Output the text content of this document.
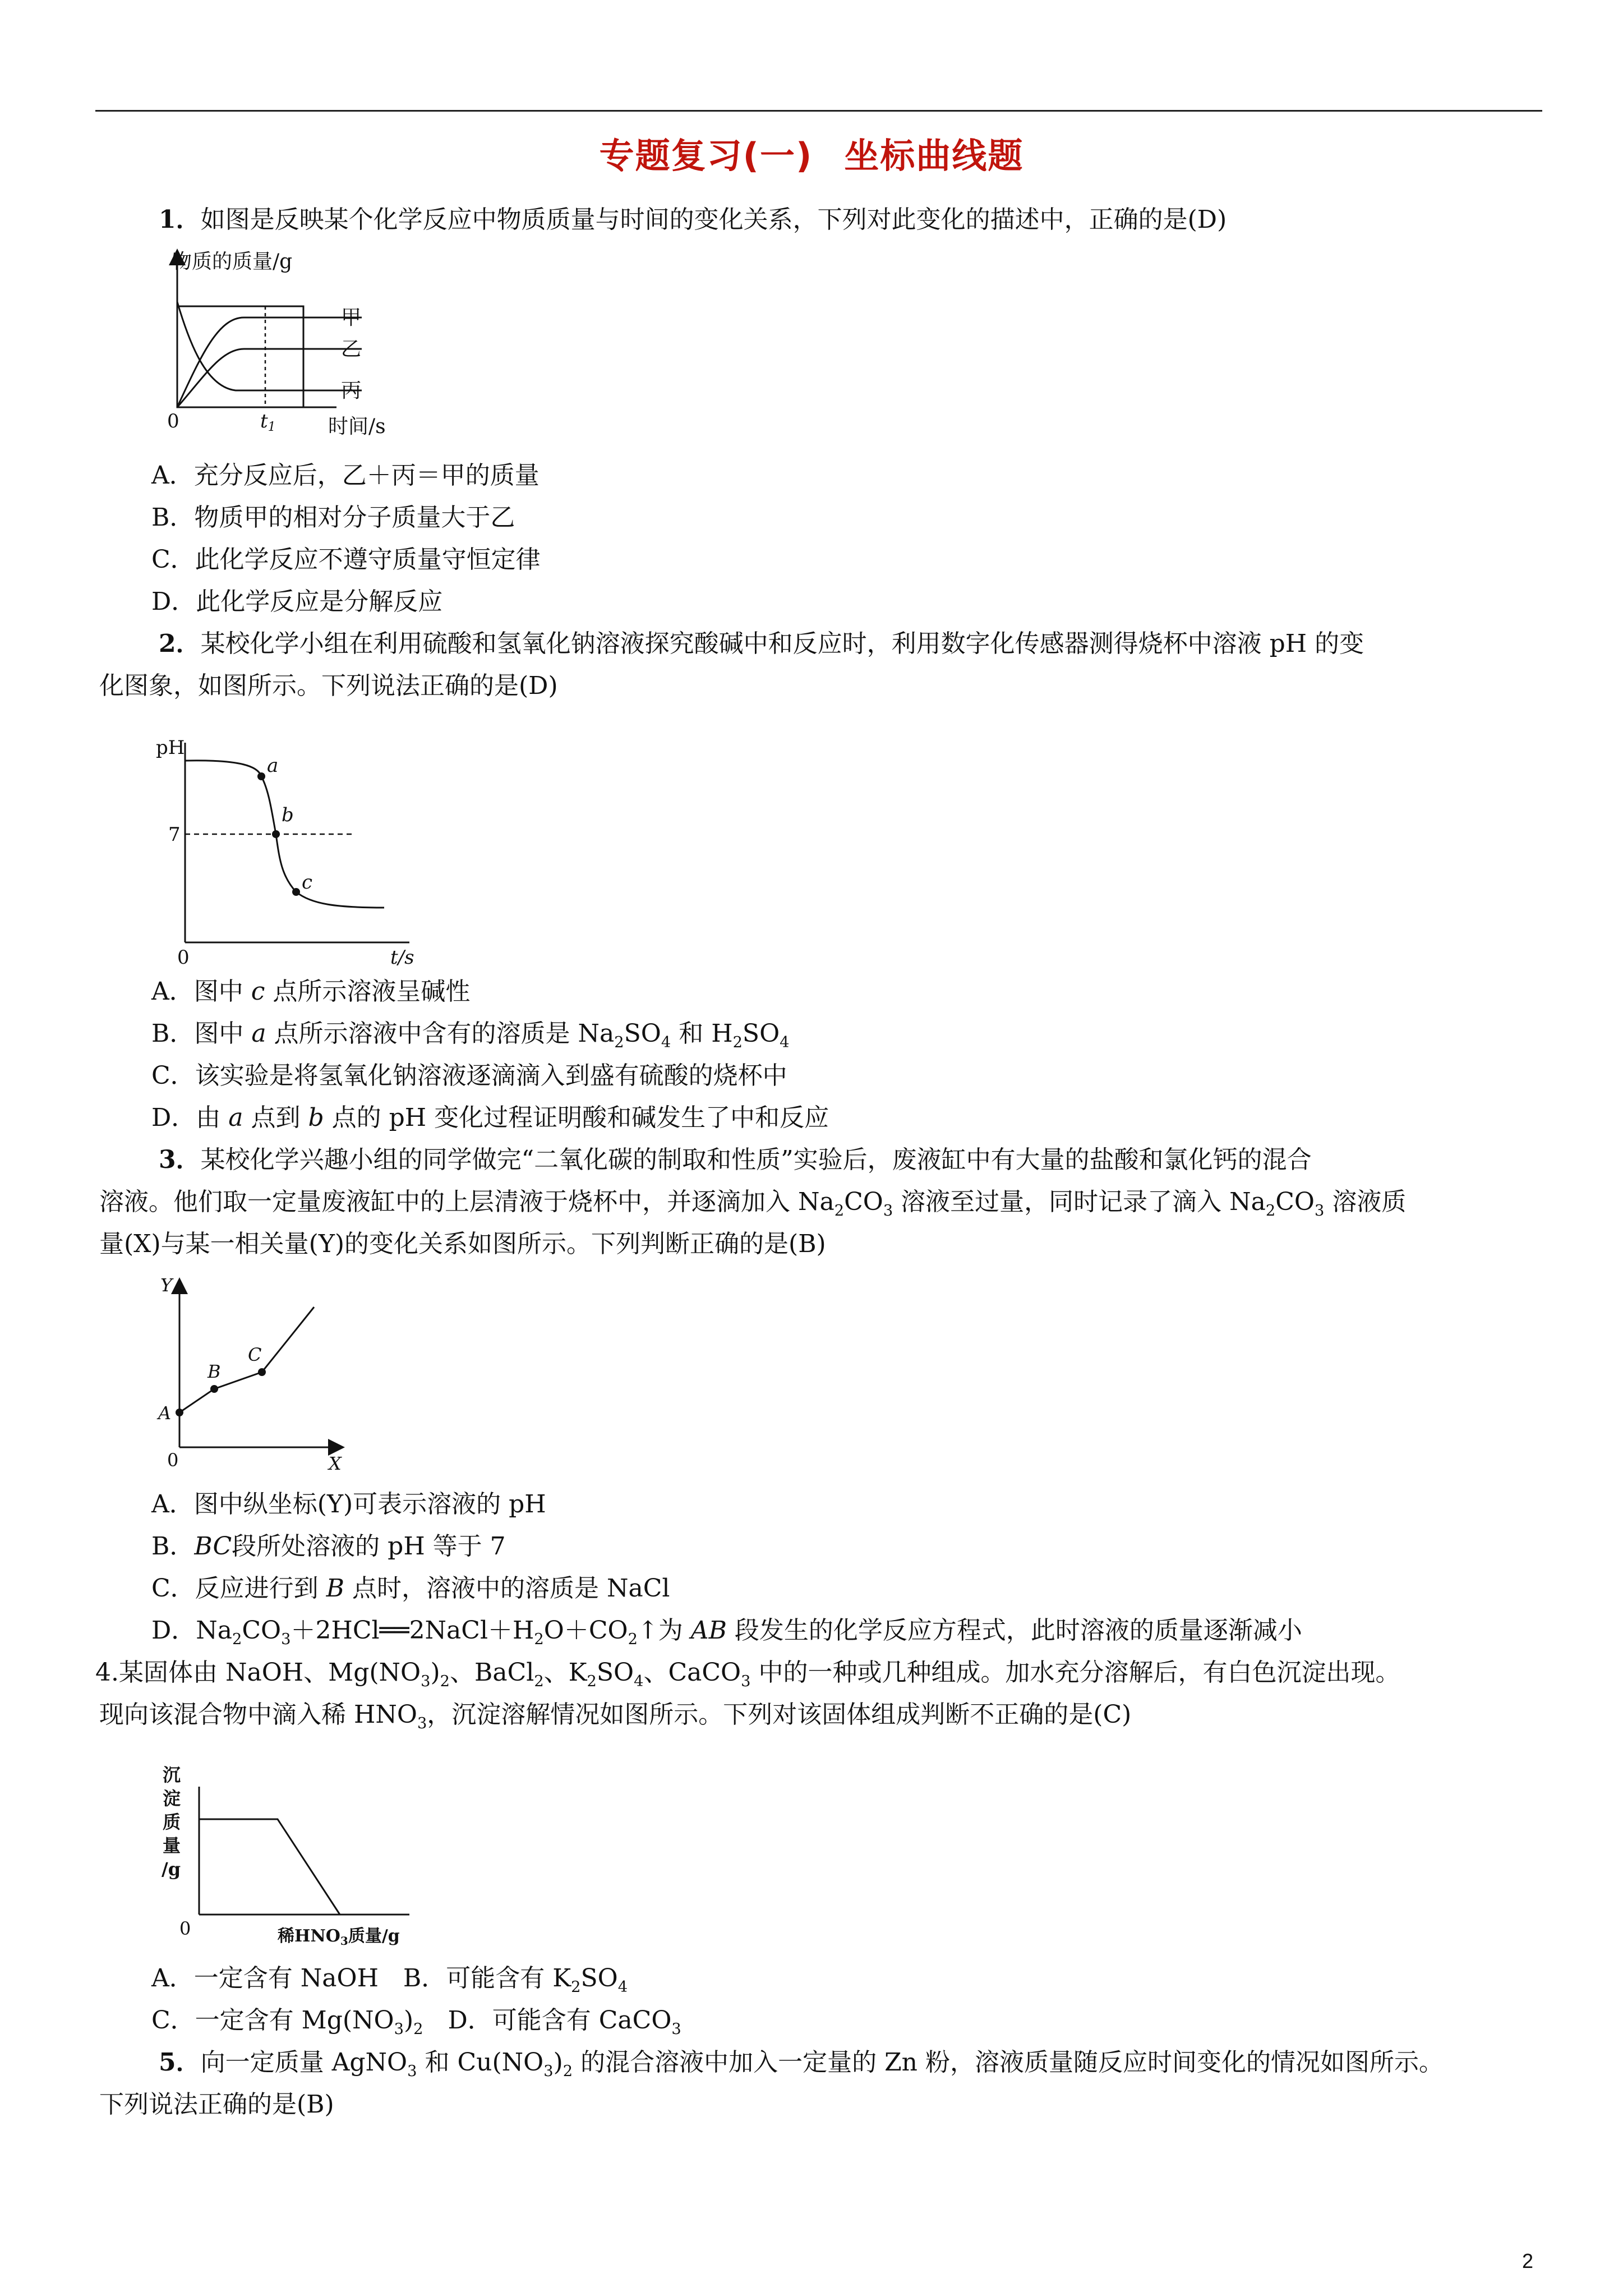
专题复习(一) 坐标曲线题
1．如图是反映某个化学反应中物质质量与时间的变化关系，下列对此变化的描述中，正确的是(D)
物质的质量/g
0	t1	时间/s
甲
乙
丙
A．充分反应后，乙＋丙＝甲的质量
B．物质甲的相对分子质量大于乙
C．此化学反应不遵守质量守恒定律
D．此化学反应是分解反应
2．某校化学小组在利用硫酸和氢氧化钠溶液探究酸碱中和反应时，利用数字化传感器测得烧杯中溶液 pH 的变
化图象，如图所示。下列说法正确的是(D)
a
b
c
pH
7
0	t/s
A．图中 c 点所示溶液呈碱性
B．图中 a 点所示溶液中含有的溶质是 $Na_2SO_4$ 和 $H_2SO_4$
C．该实验是将氢氧化钠溶液逐滴滴入到盛有硫酸的烧杯中
D．由 a 点到 b 点的 pH 变化过程证明酸和碱发生了中和反应
3．某校化学兴趣小组的同学做完“二氧化碳的制取和性质”实验后，废液缸中有大量的盐酸和氯化钙的混合
溶液。他们取一定量废液缸中的上层清液于烧杯中，并逐滴加入 $Na_2CO_3$ 溶液至过量，同时记录了滴入 $Na_2CO_3$ 溶液质
量(X)与某一相关量(Y)的变化关系如图所示。下列判断正确的是(B)
A
B
C
Y
0	X
A．图中纵坐标(Y)可表示溶液的 pH
B．BC段所处溶液的 pH 等于 7
C．反应进行到 B 点时，溶液中的溶质是 NaCl
D．$Na_2CO_3+2HCl══2NaCl+H_2O+CO_2↑$为 AB 段发生的化学反应方程式，此时溶液的质量逐渐减小
4.某固体由 NaOH、$Mg(NO_3)_2$、BaCl$_2$、$K_2SO_4$、CaCO$_3$ 中的一种或几种组成。加水充分溶解后，有白色沉淀出现。
现向该混合物中滴入稀 $HNO_3$，沉淀溶解情况如图所示。下列对该固体组成判断不正确的是(C)
沉
淀
质
量
/g
0	稀$HNO_3$质量/g
A．一定含有 NaOH　B．可能含有 $K_2SO_4$
C．一定含有 $Mg(NO_3)_2$　D．可能含有 CaCO$_3$
5．向一定质量 AgNO$_3$ 和 $Cu(NO_3)_2$ 的混合溶液中加入一定量的 Zn 粉，溶液质量随反应时间变化的情况如图所示。
下列说法正确的是(B)
2
